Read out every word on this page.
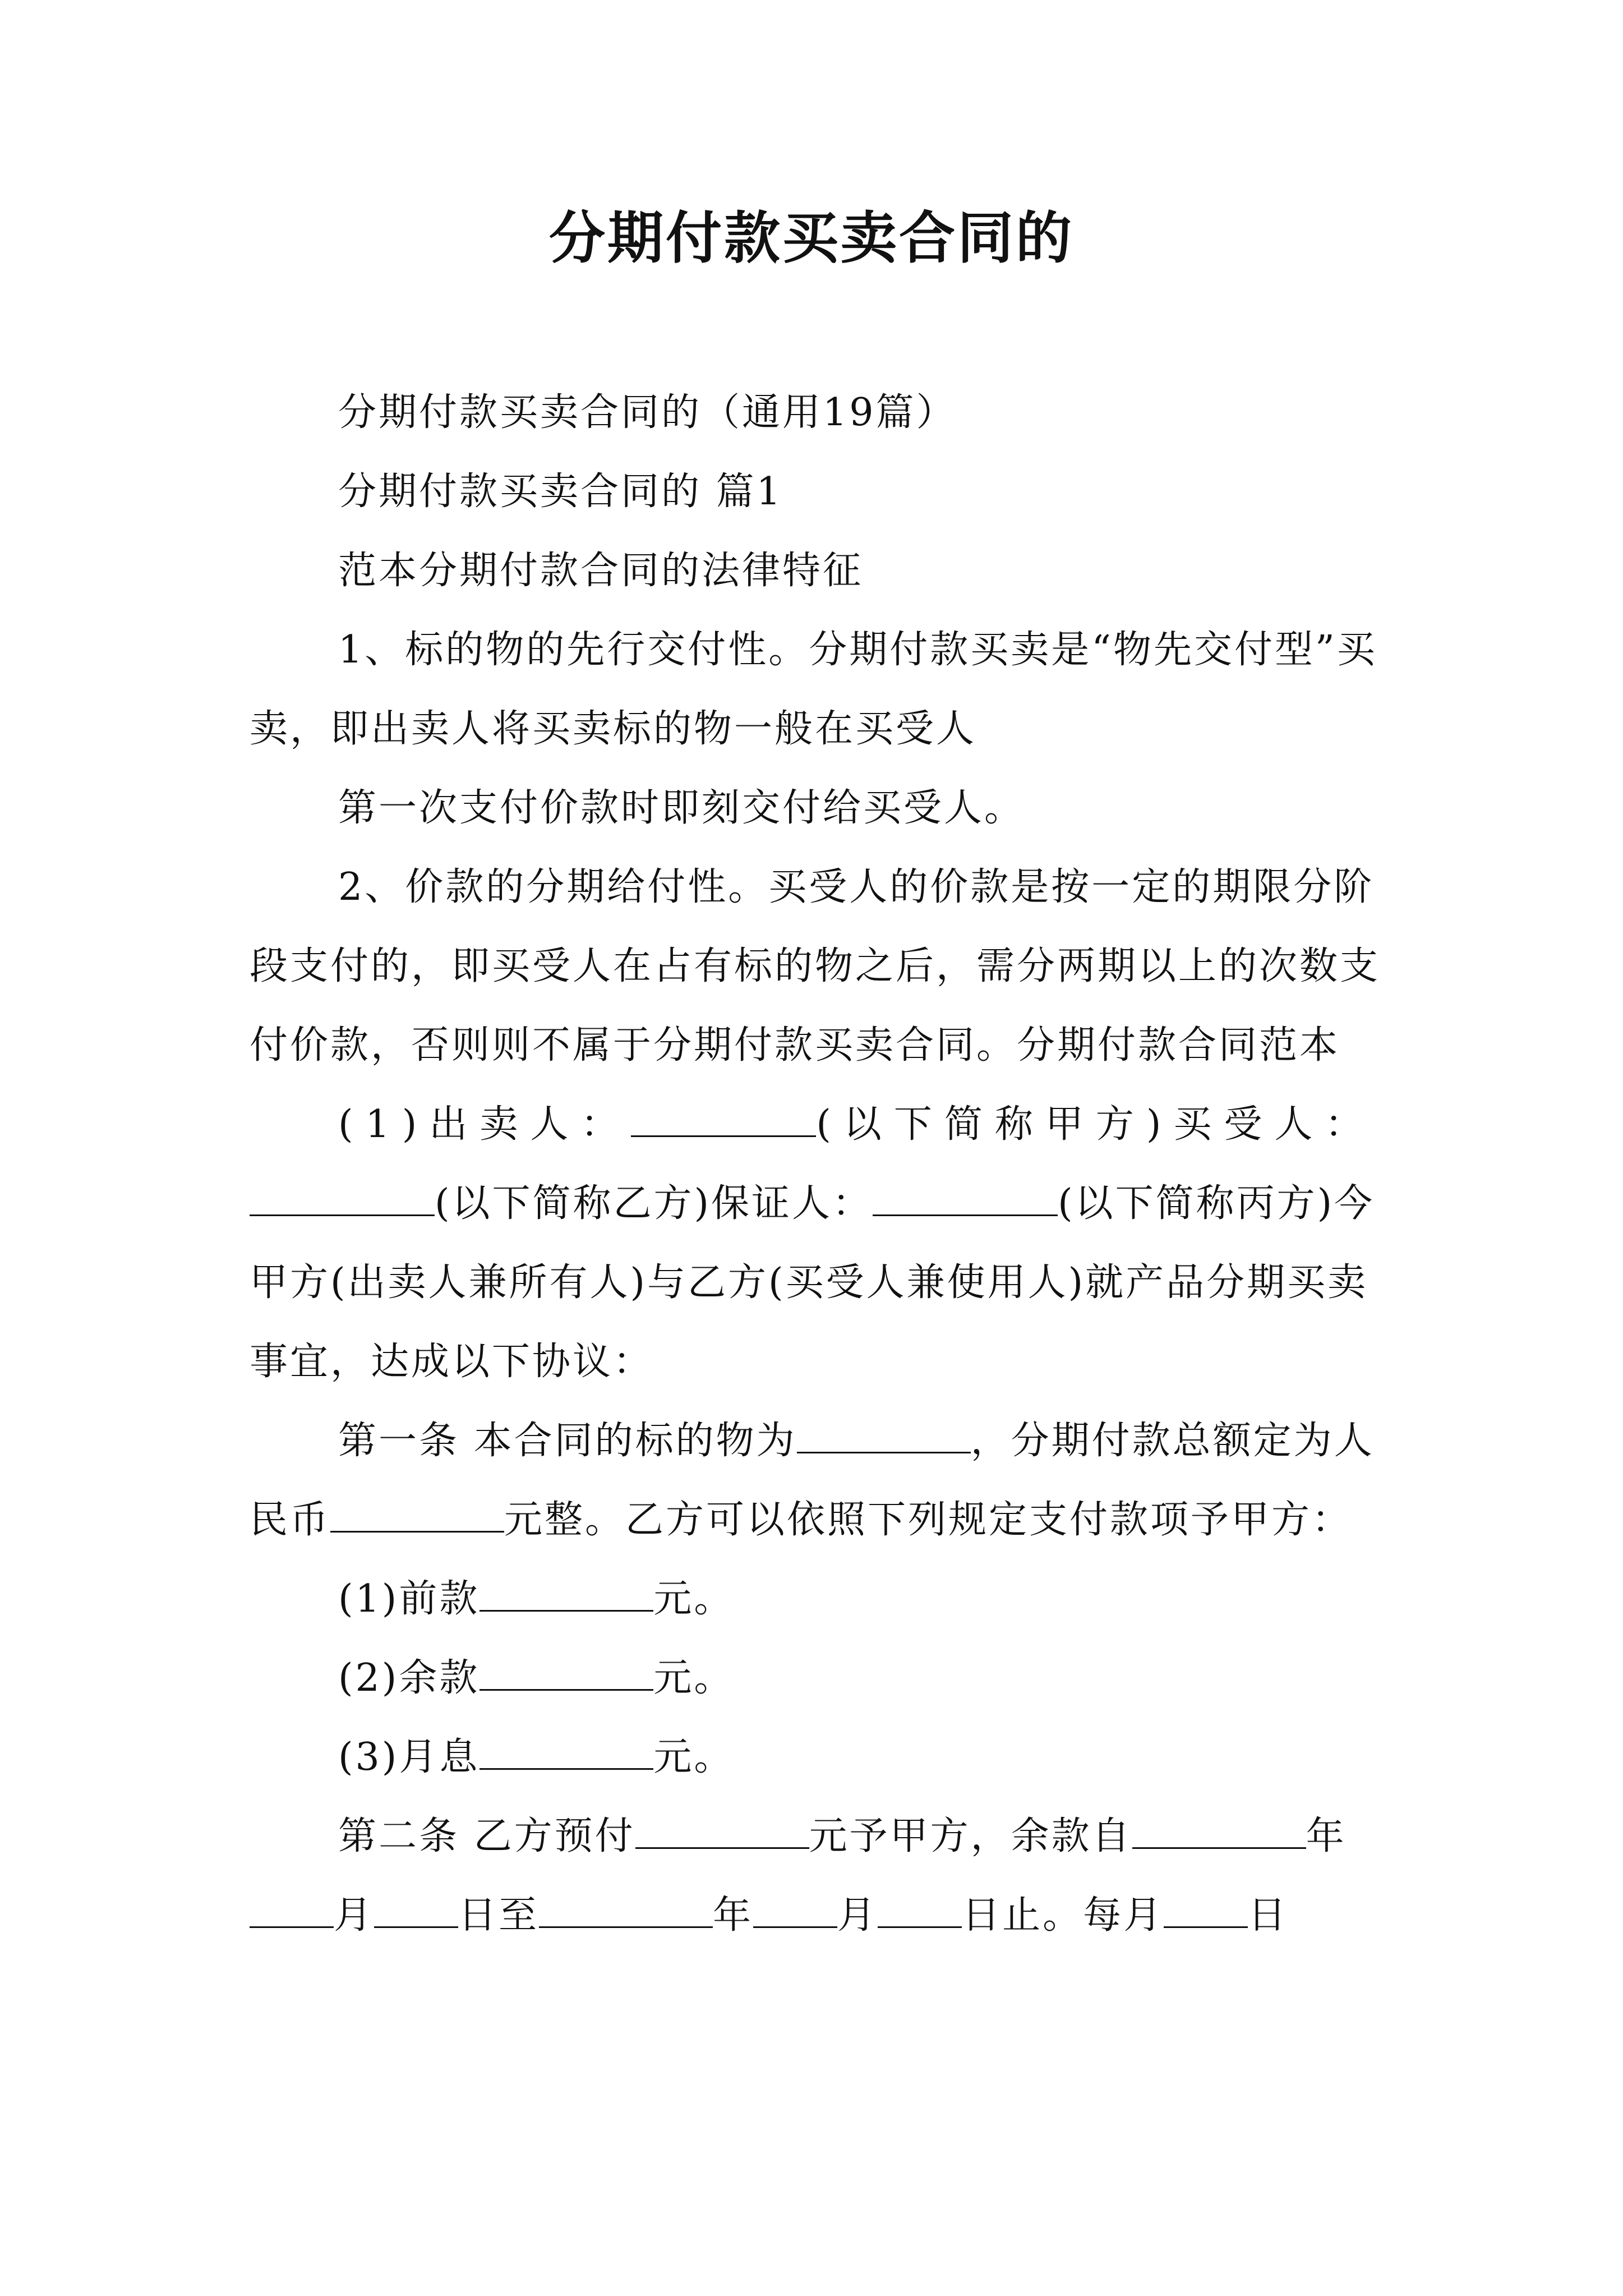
分期付款买卖合同的

分期付款买卖合同的（通用19篇）

分期付款买卖合同的 篇1

范本分期付款合同的法律特征

1、标的物的先行交付性。分期付款买卖是“物先交付型”买卖，即出卖人将买卖标的物一般在买受人

第一次支付价款时即刻交付给买受人。

2、价款的分期给付性。买受人的价款是按一定的期限分阶段支付的，即买受人在占有标的物之后，需分两期以上的次数支付价款，否则则不属于分期付款买卖合同。分期付款合同范本

(1)出卖人：	(以下简称甲方)买受人：(以下简称乙方)保证人：	(以下简称丙方)今甲方(出卖人兼所有人)与乙方(买受人兼使用人)就产品分期买卖事宜，达成以下协议：

第一条 本合同的标的物为	，分期付款总额定为人民币	元整。乙方可以依照下列规定支付款项予甲方：

(1)前款	元。

(2)余款	元。

(3)月息	元。

第二条 乙方预付	元予甲方，余款自	年月 日至	年 月 日止。每月 日
